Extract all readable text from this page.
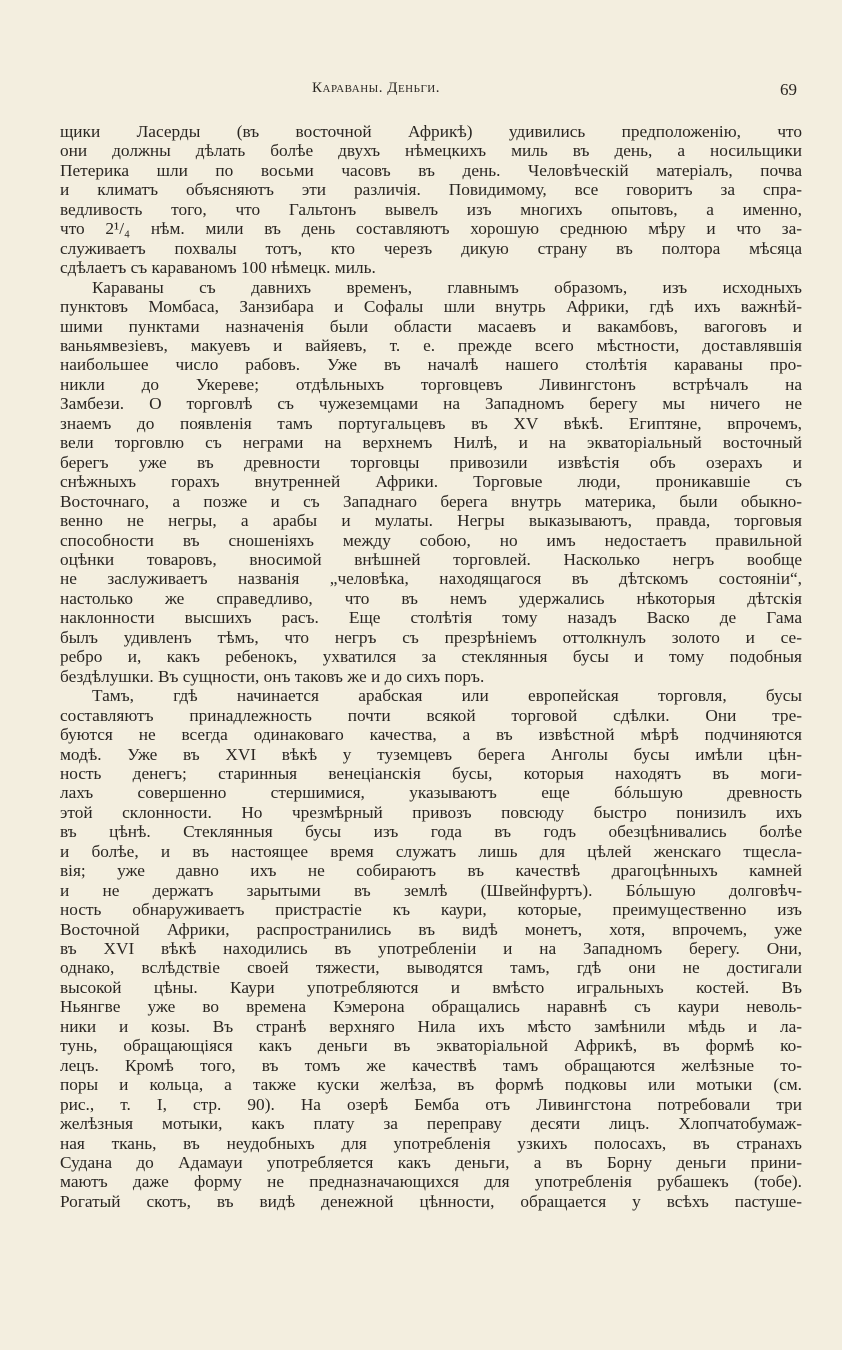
Караваны. Деньги.	69
щики Ласерды (въ восточной Африкѣ) удивились предположенію, что
они должны дѣлать болѣе двухъ нѣмецкихъ миль въ день, а носильщики
Петерика шли по восьми часовъ въ день. Человѣческій матеріалъ, почва
и климатъ объясняютъ эти различія. Повидимому, все говоритъ за спра-
ведливость того, что Гальтонъ вывелъ изъ многихъ опытовъ, а именно,
что 2¹/₄ нѣм. мили въ день составляютъ хорошую среднюю мѣру и что за-
служиваетъ похвалы тотъ, кто черезъ дикую страну въ полтора мѣсяца
сдѣлаетъ съ караваномъ 100 нѣмецк. миль.
Караваны съ давнихъ временъ, главнымъ образомъ, изъ исходныхъ
пунктовъ Момбаса, Занзибара и Софалы шли внутрь Африки, гдѣ ихъ важнѣй-
шими пунктами назначенія были области масаевъ и вакамбовъ, вагоговъ и
ваньямвезіевъ, макуевъ и вайяевъ, т. е. прежде всего мѣстности, доставлявшія
наибольшее число рабовъ. Уже въ началѣ нашего столѣтія караваны про-
никли до Укереве; отдѣльныхъ торговцевъ Ливингстонъ встрѣчалъ на
Замбези. О торговлѣ съ чужеземцами на Западномъ берегу мы ничего не
знаемъ до появленія тамъ португальцевъ въ XV вѣкѣ. Египтяне, впрочемъ,
вели торговлю съ неграми на верхнемъ Нилѣ, и на экваторіальный восточный
берегъ уже въ древности торговцы привозили извѣстія объ озерахъ и
снѣжныхъ горахъ внутренней Африки. Торговые люди, проникавшіе съ
Восточнаго, а позже и съ Западнаго берега внутрь материка, были обыкно-
венно не негры, а арабы и мулаты. Негры выказываютъ, правда, торговыя
способности въ сношеніяхъ между собою, но имъ недостаетъ правильной
оцѣнки товаровъ, вносимой внѣшней торговлей. Насколько негръ вообще
не заслуживаетъ названія „человѣка, находящагося въ дѣтскомъ состояніи“,
настолько же справедливо, что въ немъ удержались нѣкоторыя дѣтскія
наклонности высшихъ расъ. Еще столѣтія тому назадъ Васко де Гама
былъ удивленъ тѣмъ, что негръ съ презрѣніемъ оттолкнулъ золото и се-
ребро и, какъ ребенокъ, ухватился за стеклянныя бусы и тому подобныя
бездѣлушки. Въ сущности, онъ таковъ же и до сихъ поръ.
Тамъ, гдѣ начинается арабская или европейская торговля, бусы
составляютъ принадлежность почти всякой торговой сдѣлки. Они тре-
буются не всегда одинаковаго качества, а въ извѣстной мѣрѣ подчиняются
модѣ. Уже въ XVI вѣкѣ у туземцевъ берега Анголы бусы имѣли цѣн-
ность денегъ; старинныя венеціанскія бусы, которыя находятъ въ моги-
лахъ совершенно стершимися, указываютъ еще бóльшую древность
этой склонности. Но чрезмѣрный привозъ повсюду быстро понизилъ ихъ
въ цѣнѣ. Стеклянныя бусы изъ года въ годъ обезцѣнивались болѣе
и болѣе, и въ настоящее время служатъ лишь для цѣлей женскаго тщесла-
вія; уже давно ихъ не собираютъ въ качествѣ драгоцѣнныхъ камней
и не держатъ зарытыми въ землѣ (Швейнфуртъ). Бóльшую долговѣч-
ность обнаруживаетъ пристрастіе къ каури, которые, преимущественно изъ
Восточной Африки, распространились въ видѣ монетъ, хотя, впрочемъ, уже
въ XVI вѣкѣ находились въ употребленіи и на Западномъ берегу. Они,
однако, вслѣдствіе своей тяжести, выводятся тамъ, гдѣ они не достигали
высокой цѣны. Каури употребляются и вмѣсто игральныхъ костей. Въ
Ньянгве уже во времена Кэмерона обращались наравнѣ съ каури неволь-
ники и козы. Въ странѣ верхняго Нила ихъ мѣсто замѣнили мѣдь и ла-
тунь, обращающіяся какъ деньги въ экваторіальной Африкѣ, въ формѣ ко-
лецъ. Кромѣ того, въ томъ же качествѣ тамъ обращаются желѣзные то-
поры и кольца, а также куски желѣза, въ формѣ подковы или мотыки (см.
рис., т. I, стр. 90). На озерѣ Бемба отъ Ливингстона потребовали три
желѣзныя мотыки, какъ плату за переправу десяти лицъ. Хлопчатобумаж-
ная ткань, въ неудобныхъ для употребленія узкихъ полосахъ, въ странахъ
Судана до Адамауи употребляется какъ деньги, а въ Борну деньги прини-
маютъ даже форму не предназначающихся для употребленія рубашекъ (тобе).
Рогатый скотъ, въ видѣ денежной цѣнности, обращается у всѣхъ пастуше-
